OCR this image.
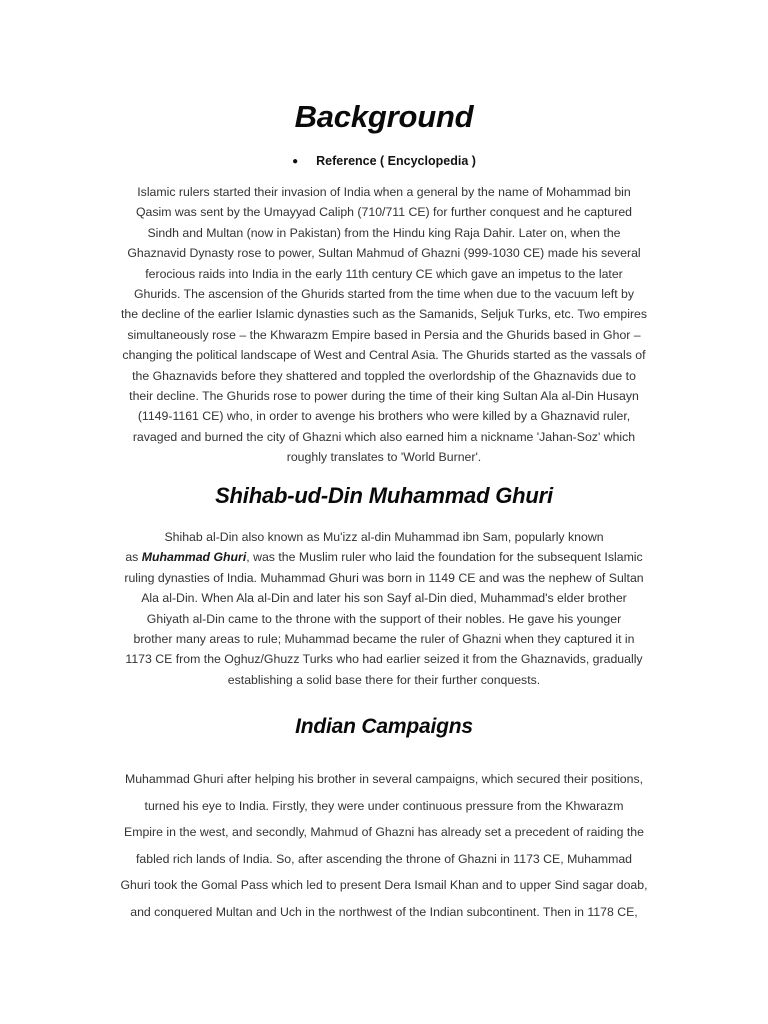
Background
● Reference ( Encyclopedia )

Islamic rulers started their invasion of India when a general by the name of Mohammad bin
Qasim was sent by the Umayyad Caliph (710/711 CE) for further conquest and he captured
Sindh and Multan (now in Pakistan) from the Hindu king Raja Dahir. Later on, when the
Ghaznavid Dynasty rose to power, Sultan Mahmud of Ghazni (999-1030 CE) made his several
ferocious raids into India in the early 11th century CE which gave an impetus to the later
Ghurids. The ascension of the Ghurids started from the time when due to the vacuum left by
the decline of the earlier Islamic dynasties such as the Samanids, Seljuk Turks, etc. Two empires
simultaneously rose – the Khwarazm Empire based in Persia and the Ghurids based in Ghor –
changing the political landscape of West and Central Asia. The Ghurids started as the vassals of
the Ghaznavids before they shattered and toppled the overlordship of the Ghaznavids due to
their decline. The Ghurids rose to power during the time of their king Sultan Ala al-Din Husayn
(1149-1161 CE) who, in order to avenge his brothers who were killed by a Ghaznavid ruler,
ravaged and burned the city of Ghazni which also earned him a nickname 'Jahan-Soz' which
roughly translates to 'World Burner'.

Shihab-ud-Din Muhammad Ghuri

Shihab al-Din also known as Mu'izz al-din Muhammad ibn Sam, popularly known
as Muhammad Ghuri, was the Muslim ruler who laid the foundation for the subsequent Islamic
ruling dynasties of India. Muhammad Ghuri was born in 1149 CE and was the nephew of Sultan
Ala al-Din. When Ala al-Din and later his son Sayf al-Din died, Muhammad's elder brother
Ghiyath al-Din came to the throne with the support of their nobles. He gave his younger
brother many areas to rule; Muhammad became the ruler of Ghazni when they captured it in
1173 CE from the Oghuz/Ghuzz Turks who had earlier seized it from the Ghaznavids, gradually
establishing a solid base there for their further conquests.

Indian Campaigns

Muhammad Ghuri after helping his brother in several campaigns, which secured their positions,
turned his eye to India. Firstly, they were under continuous pressure from the Khwarazm
Empire in the west, and secondly, Mahmud of Ghazni has already set a precedent of raiding the
fabled rich lands of India. So, after ascending the throne of Ghazni in 1173 CE, Muhammad
Ghuri took the Gomal Pass which led to present Dera Ismail Khan and to upper Sind sagar doab,
and conquered Multan and Uch in the northwest of the Indian subcontinent. Then in 1178 CE,
